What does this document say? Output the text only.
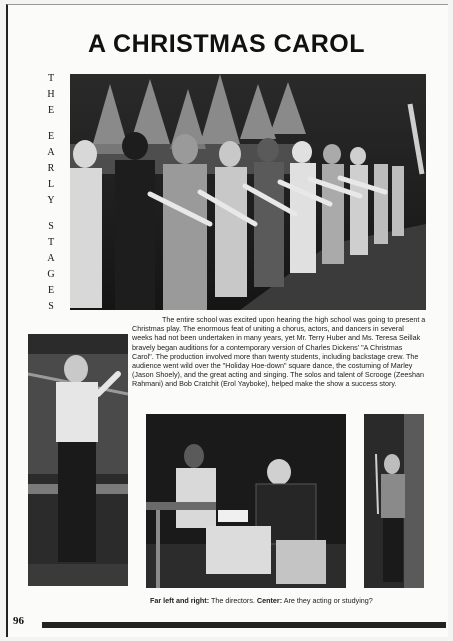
A CHRISTMAS CAROL
T
H
E
E
A
R
L
Y
S
T
A
G
E
S
The entire school was excited upon hearing the high school was going to present a Christmas play. The enormous feat of uniting a chorus, actors, and dancers in several weeks had not been undertaken in many years, yet Mr. Terry Huber and Ms. Teresa Seillak bravely began auditions for a contemporary version of Charles Dickens' "A Christmas Carol". The production involved more than twenty students, including backstage crew. The audience went wild over the "Holiday Hoe-down" square dance, the costuming of Marley (Jason Shoely), and the great acting and singing. The solos and talent of Scrooge (Zeeshan Rahmani) and Bob Cratchit (Erol Yayboke), helped make the show a success story.
Far left and right: The directors. Center: Are they acting or studying?
96
